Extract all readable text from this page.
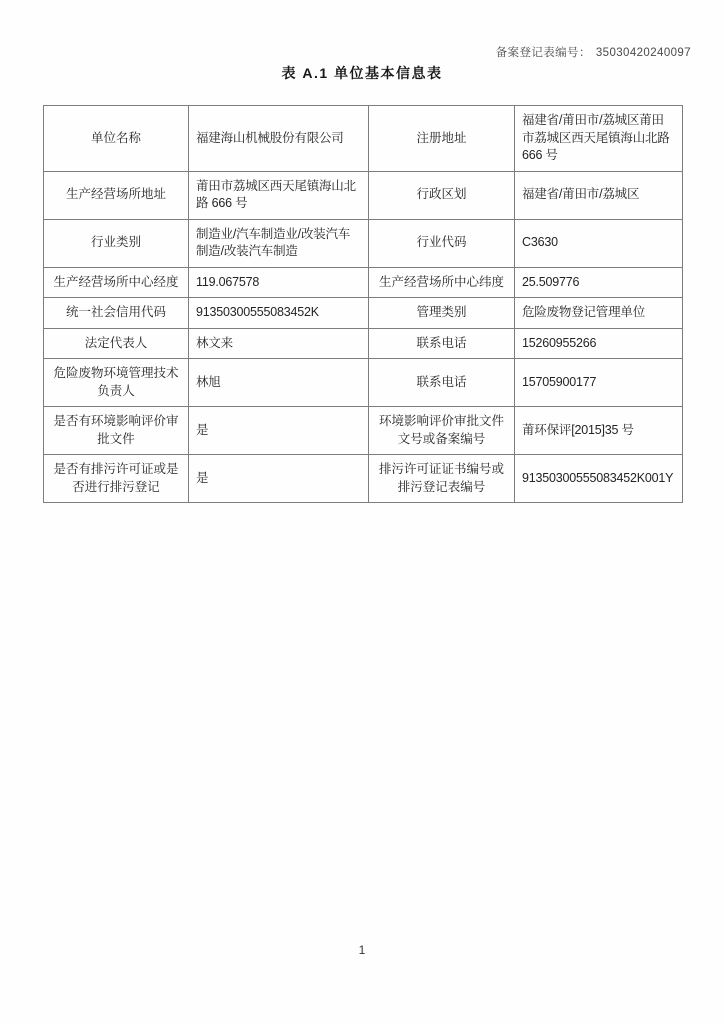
备案登记表编号： 35030420240097
表 A.1 单位基本信息表
单位名称	福建海山机械股份有限公司	注册地址	福建省/莆田市/荔城区莆田市荔城区西天尾镇海山北路 666 号
生产经营场所地址	莆田市荔城区西天尾镇海山北路 666 号	行政区划	福建省/莆田市/荔城区
行业类别	制造业/汽车制造业/改装汽车制造/改装汽车制造	行业代码	C3630
生产经营场所中心经度	119.067578	生产经营场所中心纬度	25.509776
统一社会信用代码	91350300555083452K	管理类别	危险废物登记管理单位
法定代表人	林文来	联系电话	15260955266
危险废物环境管理技术负责人	林旭	联系电话	15705900177
是否有环境影响评价审批文件	是	环境影响评价审批文件文号或备案编号	莆环保评[2015]35 号
是否有排污许可证或是否进行排污登记	是	排污许可证证书编号或排污登记表编号	91350300555083452K001Y
1
